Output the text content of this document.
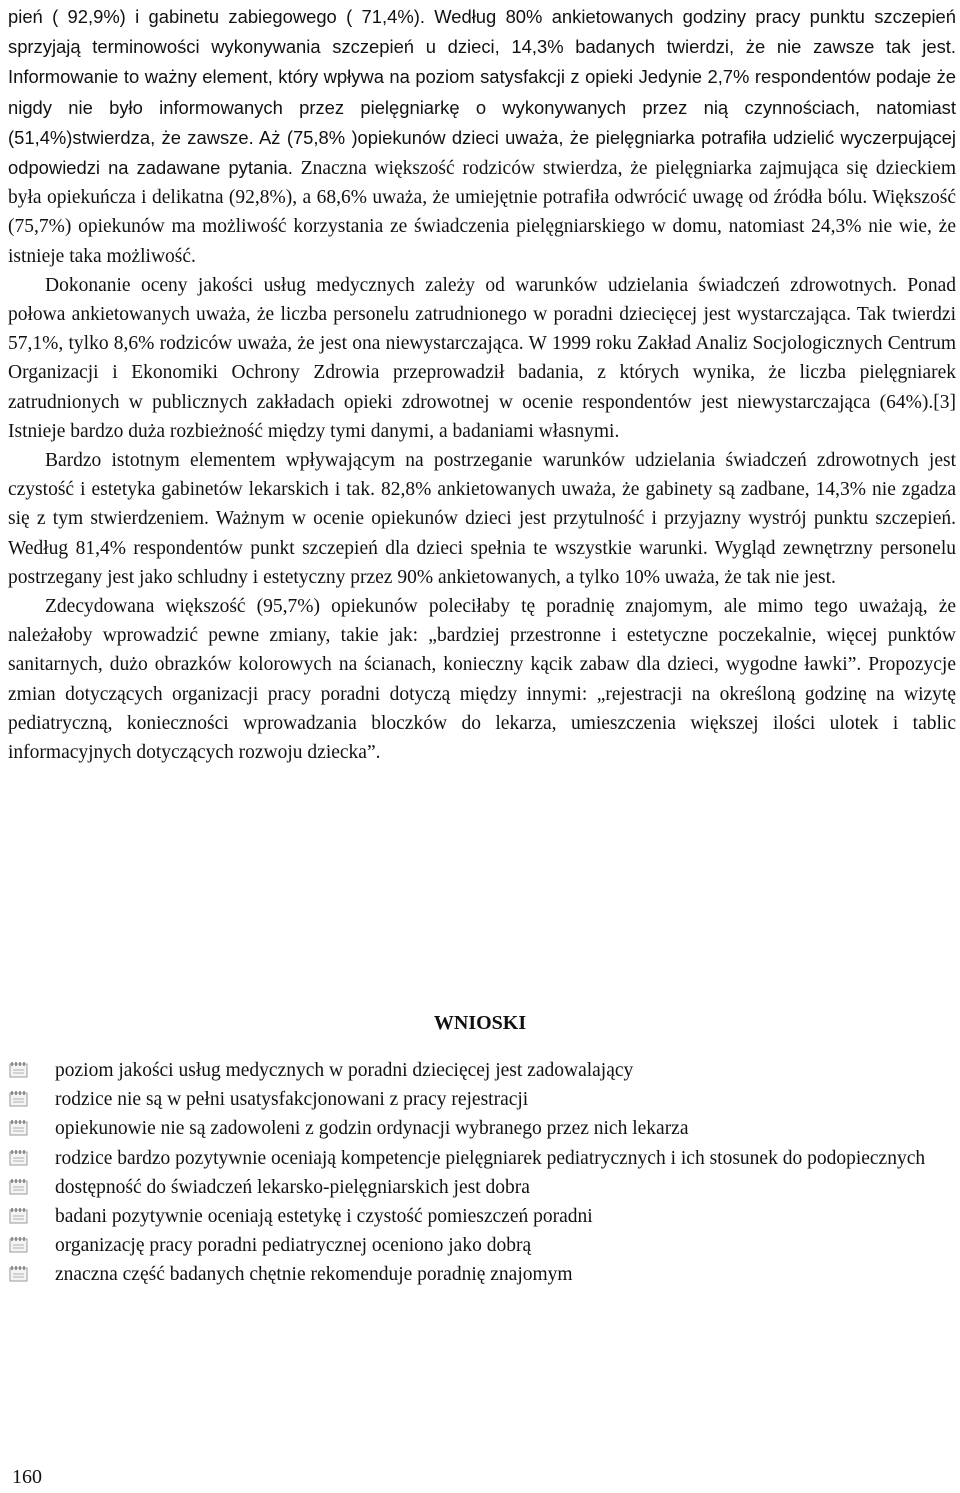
pień ( 92,9%) i gabinetu zabiegowego ( 71,4%). Według 80% ankietowanych godziny pracy punktu szczepień sprzyjają terminowości wykonywania szczepień u dzieci, 14,3% badanych twierdzi, że nie zawsze tak jest. Informowanie to ważny element, który wpływa na poziom satysfakcji z opieki Jedynie 2,7% respondentów podaje że nigdy nie było informowanych przez pielęgniarkę o wykonywanych przez nią czynnościach, natomiast (51,4%)stwierdza, że zawsze. Aż (75,8% )opiekunów dzieci uważa, że pielęgniarka potrafiła udzielić wyczerpującej odpowiedzi na zadawane pytania. Znaczna większość rodziców stwierdza, że pielęgniarka zajmująca się dzieckiem była opiekuńcza i delikatna (92,8%), a 68,6% uważa, że umiejętnie potrafiła odwrócić uwagę od źródła bólu. Większość (75,7%) opiekunów ma możliwość korzystania ze świadczenia pielęgniarskiego w domu, natomiast 24,3% nie wie, że istnieje taka możliwość.

Dokonanie oceny jakości usług medycznych zależy od warunków udzielania świadczeń zdrowotnych. Ponad połowa ankietowanych uważa, że liczba personelu zatrudnionego w poradni dziecięcej jest wystarczająca. Tak twierdzi 57,1%, tylko 8,6% rodziców uważa, że jest ona niewystarczająca. W 1999 roku Zakład Analiz Socjologicznych Centrum Organizacji i Ekonomiki Ochrony Zdrowia przeprowadził badania, z których wynika, że liczba pielęgniarek zatrudnionych w publicznych zakładach opieki zdrowotnej w ocenie respondentów jest niewystarczająca (64%).[3] Istnieje bardzo duża rozbieżność między tymi danymi, a badaniami własnymi.

Bardzo istotnym elementem wpływającym na postrzeganie warunków udzielania świadczeń zdrowotnych jest czystość i estetyka gabinetów lekarskich i tak. 82,8% ankietowanych uważa, że gabinety są zadbane, 14,3% nie zgadza się z tym stwierdzeniem. Ważnym w ocenie opiekunów dzieci jest przytulność i przyjazny wystrój punktu szczepień. Według 81,4% respondentów punkt szczepień dla dzieci spełnia te wszystkie warunki. Wygląd zewnętrzny personelu postrzegany jest jako schludny i estetyczny przez 90% ankietowanych, a tylko 10% uważa, że tak nie jest.

Zdecydowana większość (95,7%) opiekunów poleciłaby tę poradnię znajomym, ale mimo tego uważają, że należałoby wprowadzić pewne zmiany, takie jak: „bardziej przestronne i estetyczne poczekalnie, więcej punktów sanitarnych, dużo obrazków kolorowych na ścianach, konieczny kącik zabaw dla dzieci, wygodne ławki”. Propozycje zmian dotyczących organizacji pracy poradni dotyczą między innymi: „rejestracji na określoną godzinę na wizytę pediatryczną, konieczności wprowadzania bloczków do lekarza, umieszczenia większej ilości ulotek i tablic informacyjnych dotyczących rozwoju dziecka”.

WNIOSKI
poziom jakości usług medycznych w poradni dziecięcej jest zadowalający
rodzice nie są w pełni usatysfakcjonowani z pracy rejestracji
opiekunowie nie są zadowoleni z godzin ordynacji wybranego przez nich lekarza
rodzice bardzo pozytywnie oceniają kompetencje pielęgniarek pediatrycznych i ich stosunek do podopiecznych
dostępność do świadczeń lekarsko-pielęgniarskich jest dobra
badani pozytywnie oceniają estetykę i czystość pomieszczeń poradni
organizację pracy poradni pediatrycznej oceniono jako dobrą
znaczna część badanych chętnie rekomenduje poradnię znajomym

160
